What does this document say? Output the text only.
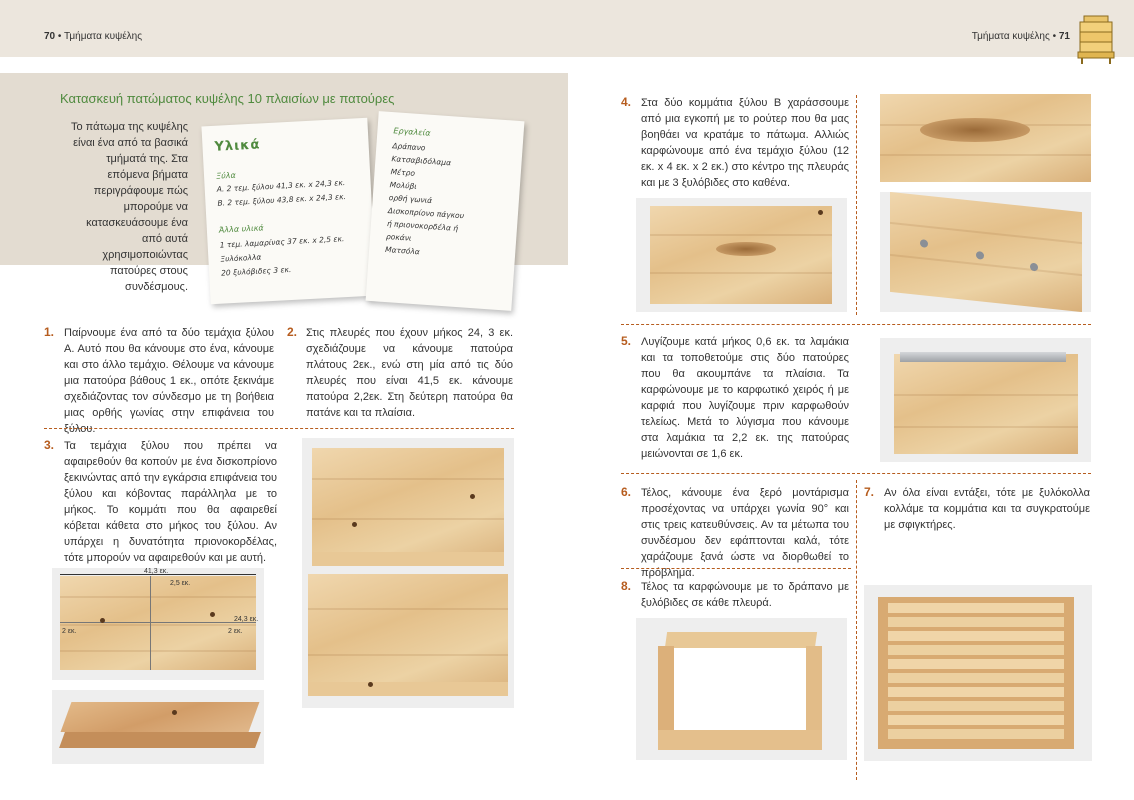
70 • Τμήματα κυψέλης	Τμήματα κυψέλης • 71
Κατασκευή πατώματος κυψέλης 10 πλαισίων με πατούρες
Το πάτωμα της κυψέλης είναι ένα από τα βασικά τμήματά της. Στα επόμενα βήματα περιγράφουμε πώς μπορούμε να κατασκευάσουμε ένα από αυτά χρησιμοποιώντας πατούρες στους συνδέσμους.
Υλικά
Ξύλα
Α. 2 τεμ. ξύλου 41,3 εκ. x 24,3 εκ.
Β. 2 τεμ. ξύλου 43,8 εκ. x 24,3 εκ.
Άλλα υλικά
1 τεμ. λαμαρίνας 37 εκ. x 2,5 εκ.
Ξυλόκολλα
20 ξυλόβιδες 3 εκ.
Εργαλεία
Δράπανο
Κατσαβιδόλαμα
Μέτρο
Μολύβι
ορθή γωνιά
Δισκοπρίονο πάγκου
ή πριονοκορδέλα ή
ροκάνι
Ματσόλα
1. Παίρνουμε ένα από τα δύο τεμάχια ξύλου Α. Αυτό που θα κάνουμε στο ένα, κάνουμε και στο άλλο τεμάχιο. Θέλουμε να κάνουμε μια πατούρα βάθους 1 εκ., οπότε ξεκινάμε σχεδιάζοντας τον σύνδεσμο με τη βοήθεια μιας ορθής γωνίας στην επιφάνεια του ξύλου.
2. Στις πλευρές που έχουν μήκος 24, 3 εκ. σχεδιάζουμε να κάνουμε πατούρα πλάτους 2εκ., ενώ στη μία από τις δύο πλευρές που είναι 41,5 εκ. κάνουμε πατούρα 2,2εκ. Στη δεύτερη πατούρα θα πατάνε και τα πλαίσια.
3. Τα τεμάχια ξύλου που πρέπει να αφαιρεθούν θα κοπούν με ένα δισκοπρίονο ξεκινώντας από την εγκάρσια επιφάνεια του ξύλου και κόβοντας παράλληλα με το μήκος. Το κομμάτι που θα αφαιρεθεί κόβεται κάθετα στο μήκος του ξύλου. Αν υπάρχει η δυνατότητα πριονοκορδέλας, τότε μπορούν να αφαιρεθούν και με αυτή.
41,3 εκ.
2,5 εκ.
24,3 εκ.
2 εκ.	2 εκ.
4. Στα δύο κομμάτια ξύλου Β χαράσσουμε από μια εγκοπή με το ρούτερ που θα μας βοηθάει να κρατάμε το πάτωμα. Αλλιώς καρφώνουμε από ένα τεμάχιο ξύλου (12 εκ. x 4 εκ. x 2 εκ.) στο κέντρο της πλευράς και με 3 ξυλόβιδες στο καθένα.
5. Λυγίζουμε κατά μήκος 0,6 εκ. τα λαμάκια και τα τοποθετούμε στις δύο πατούρες που θα ακουμπάνε τα πλαίσια. Τα καρφώνουμε με το καρφωτικό χειρός ή με καρφιά που λυγίζουμε πριν καρφωθούν τελείως. Μετά το λύγισμα που κάνουμε στα λαμάκια τα 2,2 εκ. της πατούρας μειώνονται σε 1,6 εκ.
6. Τέλος, κάνουμε ένα ξερό μοντάρισμα προσέχοντας να υπάρχει γωνία 90° και στις τρεις κατευθύνσεις. Αν τα μέτωπα του συνδέσμου δεν εφάπτονται καλά, τότε χαράζουμε ξανά ώστε να διορθωθεί το πρόβλημα.
7. Αν όλα είναι εντάξει, τότε με ξυλόκολλα κολλάμε τα κομμάτια και τα συγκρατούμε με σφιγκτήρες.
8. Τέλος τα καρφώνουμε με το δράπανο με ξυλόβιδες σε κάθε πλευρά.
